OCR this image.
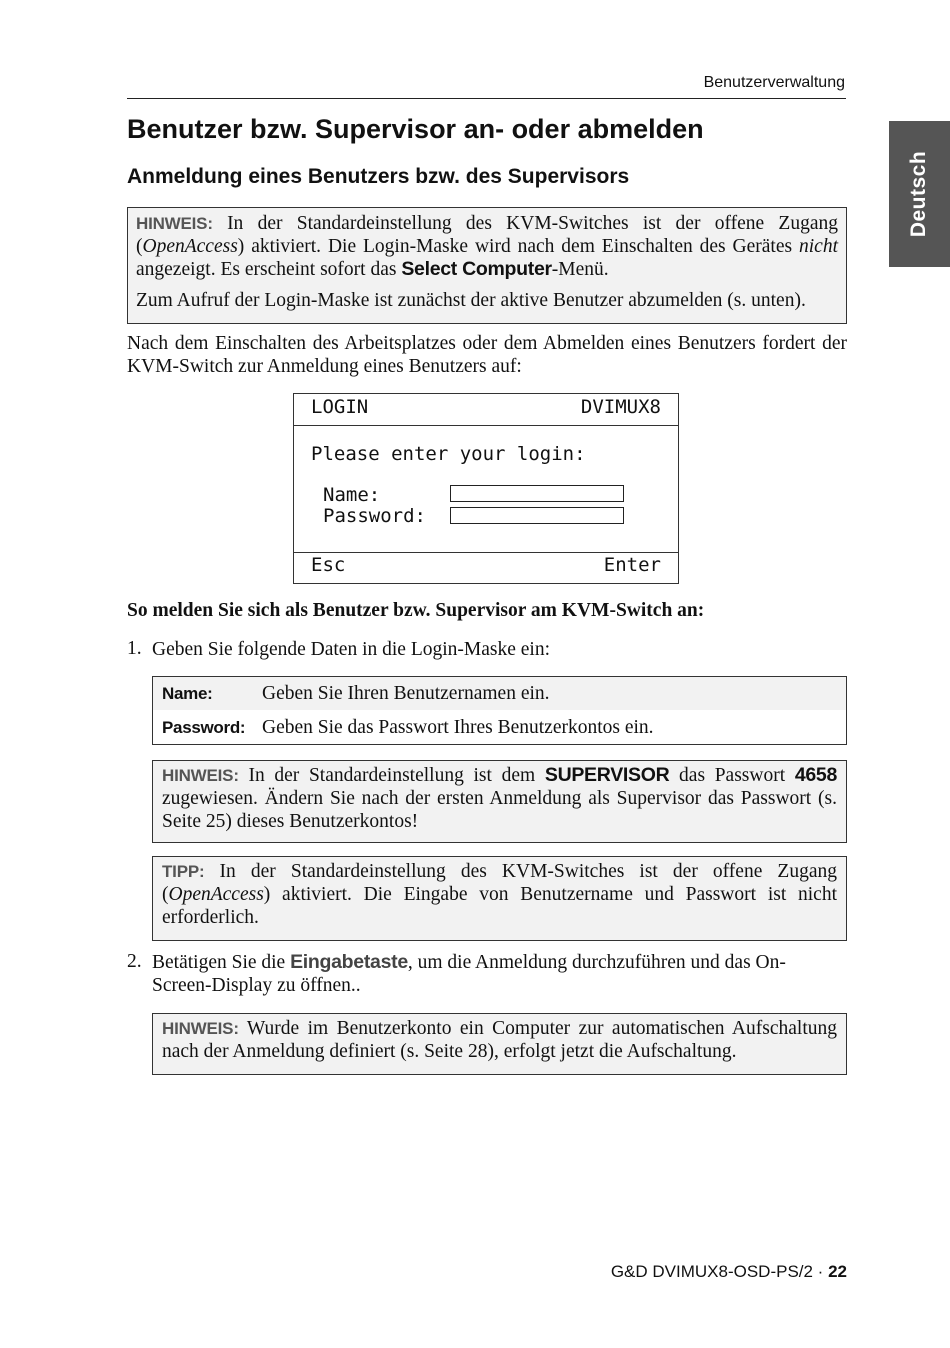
Benutzerverwaltung
Deutsch
Benutzer bzw. Supervisor an- oder abmelden
Anmeldung eines Benutzers bzw. des Supervisors

HINWEIS: In der Standardeinstellung des KVM-Switches ist der offene Zugang (OpenAccess) aktiviert. Die Login-Maske wird nach dem Einschalten des Gerätes nicht angezeigt. Es erscheint sofort das Select Computer-Menü.

Zum Aufruf der Login-Maske ist zunächst der aktive Benutzer abzumelden (s. unten).

Nach dem Einschalten des Arbeitsplatzes oder dem Abmelden eines Benutzers fordert der KVM-Switch zur Anmeldung eines Benutzers auf:
LOGIN	DVIMUX8
Please enter your login:
Name:
Password:
Esc	Enter
So melden Sie sich als Benutzer bzw. Supervisor am KVM-Switch an:
1. Geben Sie folgende Daten in die Login-Maske ein:
Name:	Geben Sie Ihren Benutzernamen ein.
Password: Geben Sie das Passwort Ihres Benutzerkontos ein.

HINWEIS: In der Standardeinstellung ist dem SUPERVISOR das Passwort 4658 zugewiesen. Ändern Sie nach der ersten Anmeldung als Supervisor das Passwort (s. Seite 25) dieses Benutzerkontos!

TIPP: In der Standardeinstellung des KVM-Switches ist der offene Zugang (OpenAccess) aktiviert. Die Eingabe von Benutzername und Passwort ist nicht erforderlich.

2. Betätigen Sie die Eingabetaste, um die Anmeldung durchzuführen und das On-Screen-Display zu öffnen..

HINWEIS: Wurde im Benutzerkonto ein Computer zur automatischen Aufschaltung nach der Anmeldung definiert (s. Seite 28), erfolgt jetzt die Aufschaltung.

G&D DVIMUX8-OSD-PS/2 · 22
